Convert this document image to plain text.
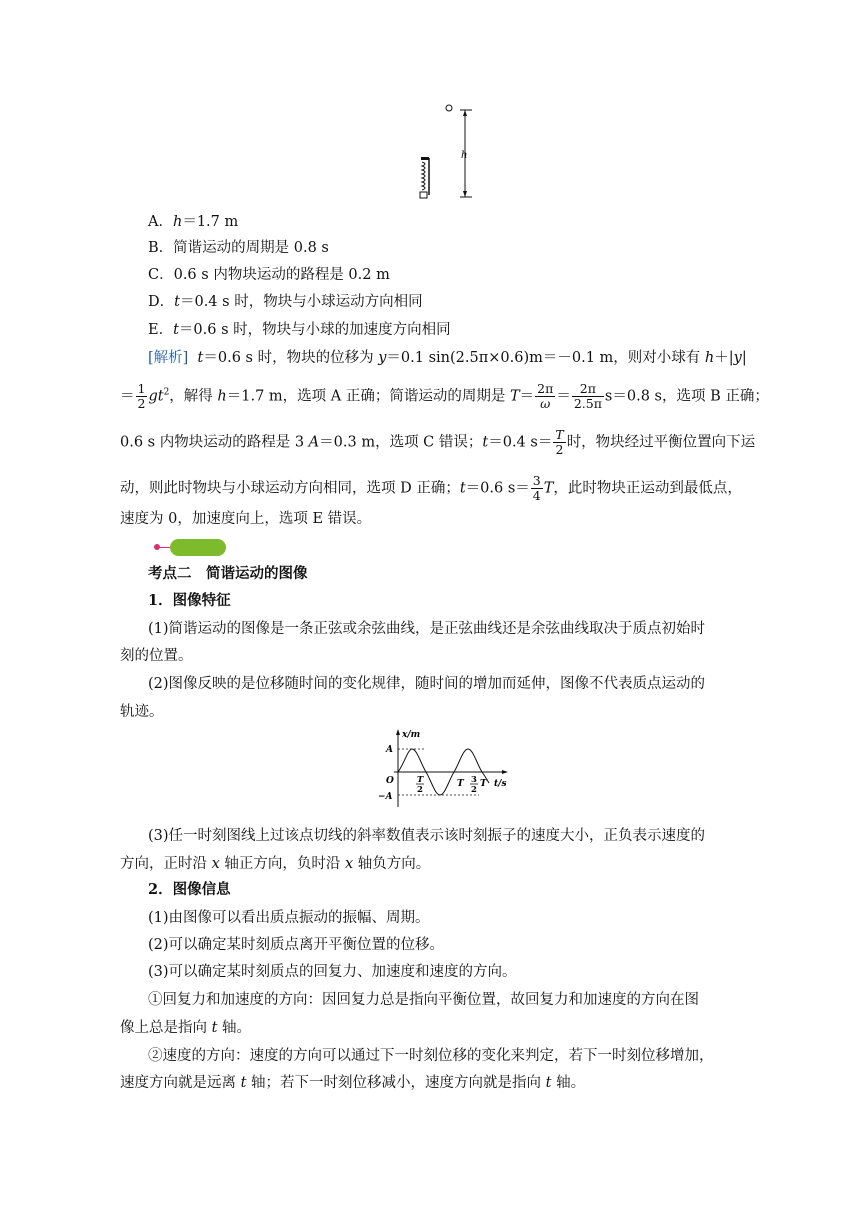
h
A．h＝1.7 m
B．简谐运动的周期是 0.8 s
C．0.6 s 内物块运动的路程是 0.2 m
D．t＝0.4 s 时，物块与小球运动方向相同
E．t＝0.6 s 时，物块与小球的加速度方向相同
[解析] t＝0.6 s 时，物块的位移为 y＝0.1 sin(2.5π×0.6)m＝－0.1 m，则对小球有 h＋|y|
＝ $\frac{1}{2} gt^2$，解得 h＝1.7 m，选项 A 正确；简谐运动的周期是 $T= \frac{2\pi}{\omega} = \frac{2\pi}{2.5\pi} s=0.8$ s，选项 B 正确；
0.6 s 内物块运动的路程是 3 A＝0.3 m，选项 C 错误；t＝0.4 $s= \frac{T}{2}$ 时，物块经过平衡位置向下运
动，则此时物块与小球运动方向相同，选项 D 正确；t＝0.6 $s= \frac{3}{4}$ T，此时物块正运动到最低点，
速度为 0，加速度向上，选项 E 错误。
考点二　简谐运动的图像
1．图像特征
(1)简谐运动的图像是一条正弦或余弦曲线，是正弦曲线还是余弦曲线取决于质点初始时
刻的位置。
(2)图像反映的是位移随时间的变化规律，随时间的增加而延伸，图像不代表质点运动的
轨迹。
x/m
t/s
A
−A
O	T
2
T 3
2
T
(3)任一时刻图线上过该点切线的斜率数值表示该时刻振子的速度大小，正负表示速度的
方向，正时沿 x 轴正方向，负时沿 x 轴负方向。
2．图像信息
(1)由图像可以看出质点振动的振幅、周期。
(2)可以确定某时刻质点离开平衡位置的位移。
(3)可以确定某时刻质点的回复力、加速度和速度的方向。
①回复力和加速度的方向：因回复力总是指向平衡位置，故回复力和加速度的方向在图
像上总是指向 t 轴。
②速度的方向：速度的方向可以通过下一时刻位移的变化来判定，若下一时刻位移增加，
速度方向就是远离 t 轴；若下一时刻位移减小，速度方向就是指向 t 轴。
